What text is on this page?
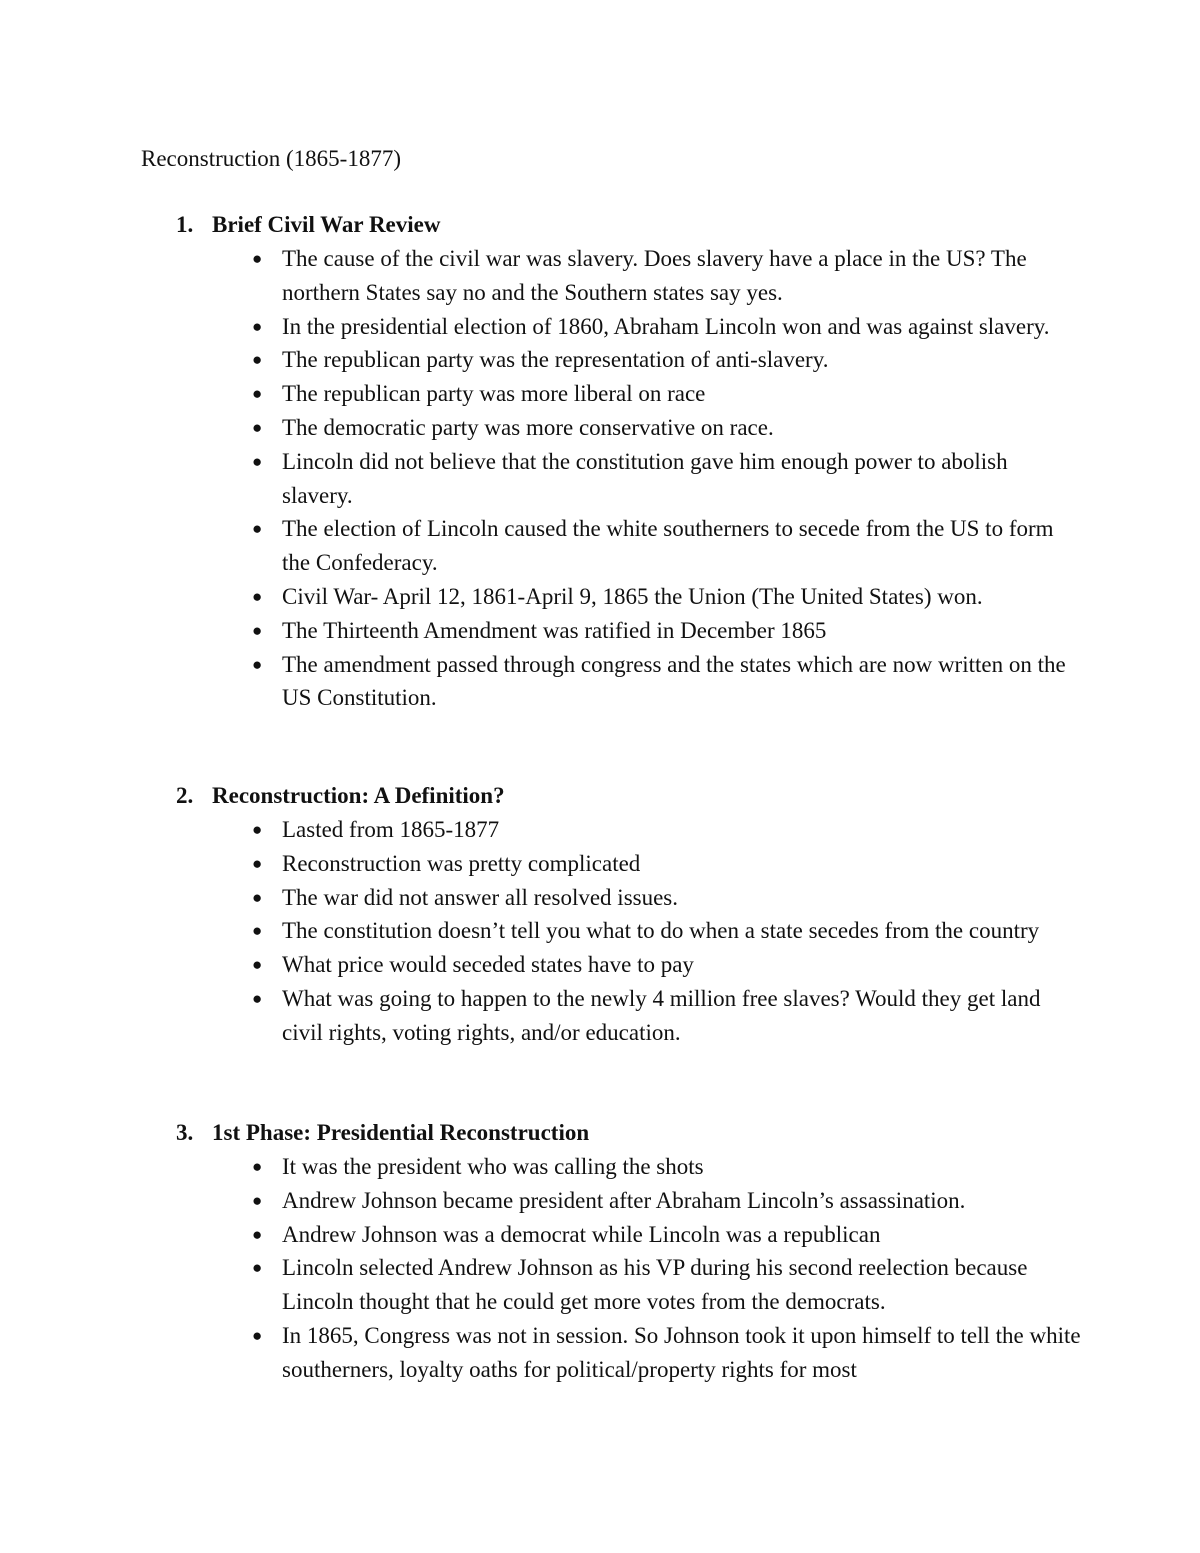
Reconstruction (1865-1877)

1. Brief Civil War Review

● The cause of the civil war was slavery. Does slavery have a place in the US? The northern States say no and the Southern states say yes.
● In the presidential election of 1860, Abraham Lincoln won and was against slavery.
● The republican party was the representation of anti-slavery.
● The republican party was more liberal on race
● The democratic party was more conservative on race.
● Lincoln did not believe that the constitution gave him enough power to abolish slavery.
● The election of Lincoln caused the white southerners to secede from the US to form the Confederacy.
● Civil War- April 12, 1861-April 9, 1865 the Union (The United States) won.
● The Thirteenth Amendment was ratified in December 1865
● The amendment passed through congress and the states which are now written on the US Constitution.

2. Reconstruction: A Definition?

● Lasted from 1865-1877
● Reconstruction was pretty complicated
● The war did not answer all resolved issues.
● The constitution doesn’t tell you what to do when a state secedes from the country
● What price would seceded states have to pay
● What was going to happen to the newly 4 million free slaves? Would they get land civil rights, voting rights, and/or education.

3. 1st Phase: Presidential Reconstruction

● It was the president who was calling the shots
● Andrew Johnson became president after Abraham Lincoln’s assassination.
● Andrew Johnson was a democrat while Lincoln was a republican
● Lincoln selected Andrew Johnson as his VP during his second reelection because Lincoln thought that he could get more votes from the democrats.
● In 1865, Congress was not in session. So Johnson took it upon himself to tell the white southerners, loyalty oaths for political/property rights for most
